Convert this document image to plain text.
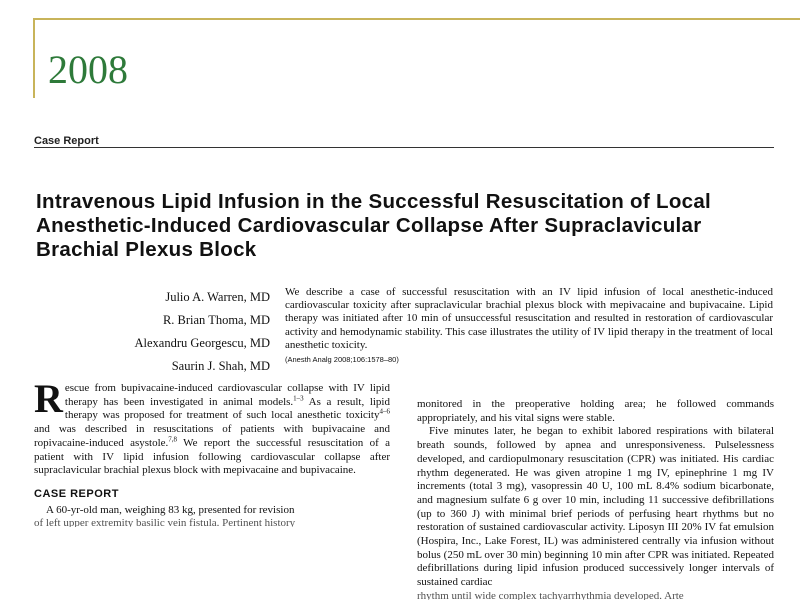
2008
Case Report
Intravenous Lipid Infusion in the Successful Resuscitation of Local Anesthetic-Induced Cardiovascular Collapse After Supraclavicular Brachial Plexus Block
Julio A. Warren, MD
R. Brian Thoma, MD
Alexandru Georgescu, MD
Saurin J. Shah, MD
We describe a case of successful resuscitation with an IV lipid infusion of local anesthetic-induced cardiovascular toxicity after supraclavicular brachial plexus block with mepivacaine and bupivacaine. Lipid therapy was initiated after 10 min of unsuccessful resuscitation and resulted in restoration of cardiovascular activity and hemodynamic stability. This case illustrates the utility of IV lipid therapy in the treatment of local anesthetic toxicity.
(Anesth Analg 2008;106:1578–80)
Rescue from bupivacaine-induced cardiovascular collapse with IV lipid therapy has been investigated in animal models.$^{1-3}$ As a result, lipid therapy was proposed for treatment of such local anesthetic toxicity$^{4-6}$ and was described in resuscitations of patients with bupivacaine and ropivacaine-induced asystole.$^{7,8}$ We report the successful resuscitation of a patient with IV lipid infusion following cardiovascular collapse after supraclavicular brachial plexus block with mepivacaine and bupivacaine.
CASE REPORT
A 60-yr-old man, weighing 83 kg, presented for revision
of left upper extremity basilic vein fistula. Pertinent history
monitored in the preoperative holding area; he followed commands appropriately, and his vital signs were stable.
Five minutes later, he began to exhibit labored respirations with bilateral breath sounds, followed by apnea and unresponsiveness. Pulselessness developed, and cardiopulmonary resuscitation (CPR) was initiated. His cardiac rhythm degenerated. He was given atropine 1 mg IV, epinephrine 1 mg IV increments (total 3 mg), vasopressin 40 U, 100 mL 8.4% sodium bicarbonate, and magnesium sulfate 6 g over 10 min, including 11 successive defibrillations (up to 360 J) with minimal brief periods of perfusing heart rhythms but no restoration of sustained cardiovascular activity. Liposyn III 20% IV fat emulsion (Hospira, Inc., Lake Forest, IL) was administered centrally via infusion without bolus (250 mL over 30 min) beginning 10 min after CPR was initiated. Repeated defibrillations during lipid infusion produced successively longer intervals of sustained cardiac
rhythm until wide complex tachyarrhythmia developed. Arte
